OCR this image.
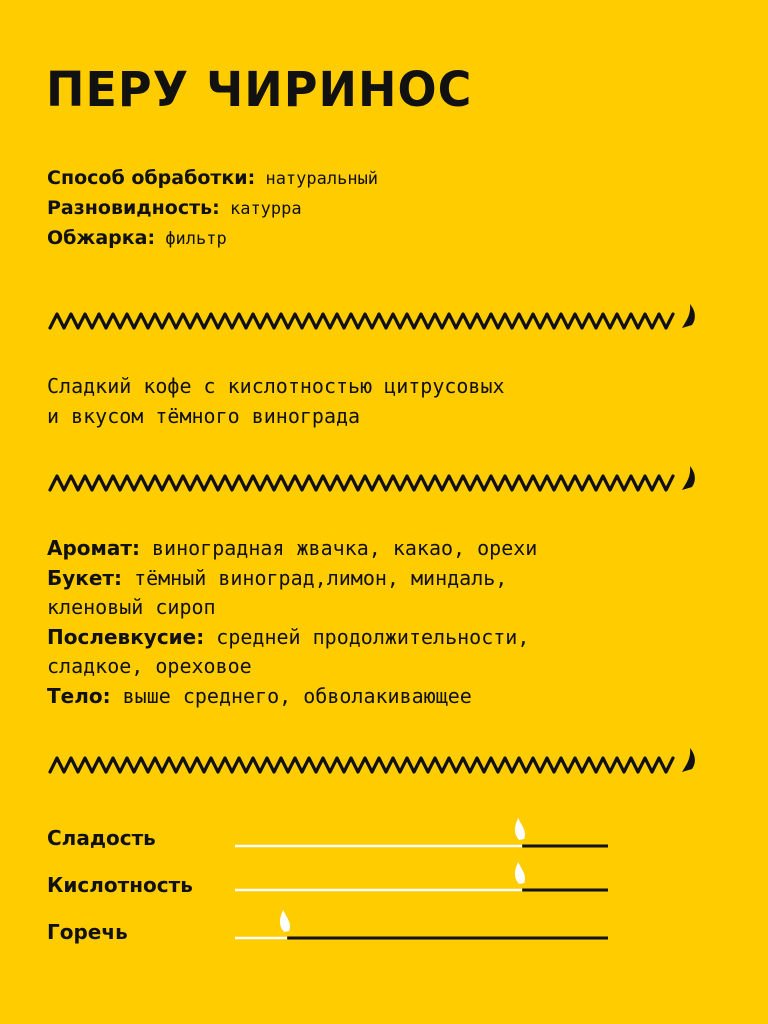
ПЕРУ ЧИРИНОС
Способ обработки: натуральный
Разновидность: катурра
Обжарка: фильтр
Сладкий кофе с кислотностью цитрусовых
и вкусом тёмного винограда
Аромат: виноградная жвачка, какао, орехи
Букет: тёмный виноград,лимон, миндаль,
кленовый сироп
Послевкусие: средней продолжительности,
сладкое, ореховое
Тело: выше среднего, обволакивающее
Сладость
Кислотность
Горечь
